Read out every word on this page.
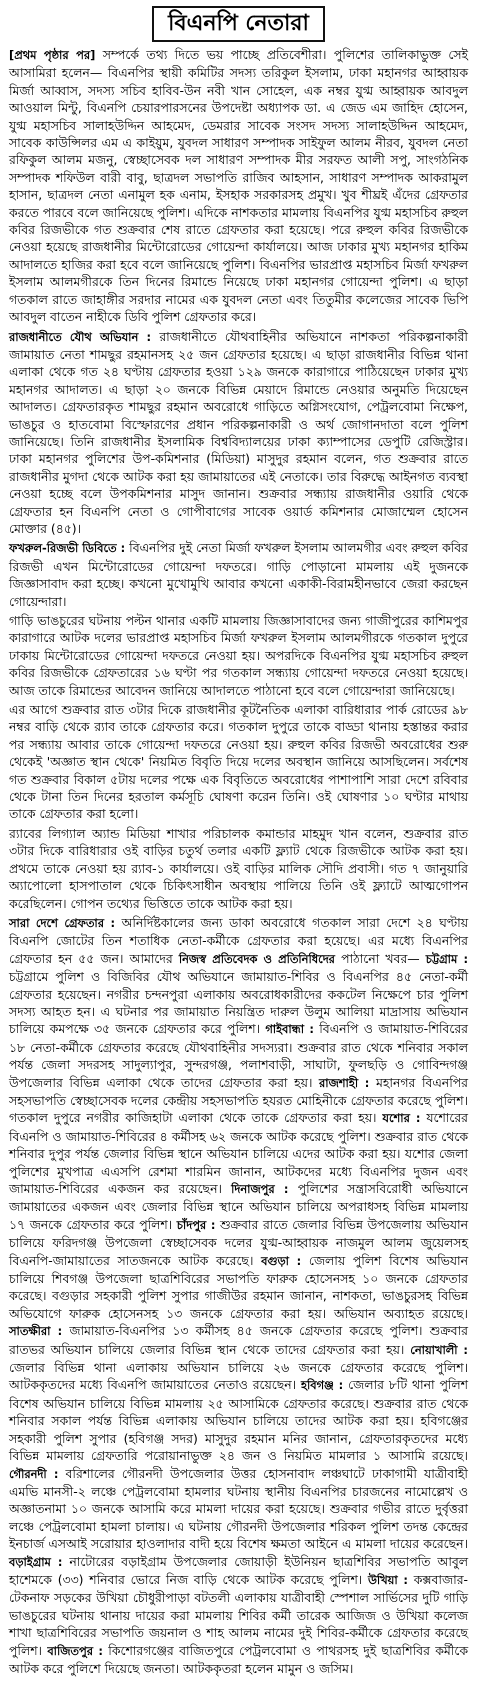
বিএনপি নেতারা

[প্রথম পৃষ্ঠার পর] সম্পর্কে তথ্য দিতে ভয় পাচ্ছে প্রতিবেশীরা। পুলিশের তালিকাভুক্ত সেই আসামিরা হলেন— বিএনপির স্থায়ী কমিটির সদস্য তরিকুল ইসলাম, ঢাকা মহানগর আহ্বায়ক মির্জা আব্বাস, সদস্য সচিব হাবিব-উন নবী খান সোহেল, এক নম্বর যুগ্ম আহ্বায়ক আবদুল আওয়াল মিন্টু, বিএনপি চেয়ারপারসনের উপদেষ্টা অধ্যাপক ডা. এ জেড এম জাহিদ হোসেন, যুগ্ম মহাসচিব সালাহউদ্দিন আহমেদ, ডেমরার সাবেক সংসদ সদস্য সালাহউদ্দিন আহমেদ, সাবেক কাউন্সিলর এম এ কাইয়ুম, যুবদল সাধারণ সম্পাদক সাইফুল আলম নীরব, যুবদল নেতা রফিকুল আলম মজনু, স্বেচ্ছাসেবক দল সাধারণ সম্পাদক মীর সরফত আলী সপু, সাংগঠনিক সম্পাদক শফিউল বারী বাবু, ছাত্রদল সভাপতি রাজিব আহসান, সাধারণ সম্পাদক আকরামুল হাসান, ছাত্রদল নেতা এনামুল হক এনাম, ইসহাক সরকারসহ প্রমুখ। খুব শীঘ্রই এঁদের গ্রেফতার করতে পারবে বলে জানিয়েছে পুলিশ। এদিকে নাশকতার মামলায় বিএনপির যুগ্ম মহাসচিব রুহুল কবির রিজভীকে গত শুক্রবার শেষ রাতে গ্রেফতার করা হয়েছে। পরে রুহুল কবির রিজভীকে নেওয়া হয়েছে রাজধানীর মিন্টোরোডের গোয়েন্দা কার্যালয়ে। আজ ঢাকার মুখ্য মহানগর হাকিম আদালতে হাজির করা হবে বলে জানিয়েছে পুলিশ। বিএনপির ভারপ্রাপ্ত মহাসচিব মির্জা ফখরুল ইসলাম আলমগীরকে তিন দিনের রিমান্ডে নিয়েছে ঢাকা মহানগর গোয়েন্দা পুলিশ। এ ছাড়া গতকাল রাতে জাহাঙ্গীর সরদার নামের এক যুবদল নেতা এবং তিতুমীর কলেজের সাবেক ভিপি আবদুল বাতেন নাহীকে ডিবি পুলিশ গ্রেফতার করে।

রাজধানীতে যৌথ অভিযান : রাজধানীতে যৌথবাহিনীর অভিযানে নাশকতা পরিকল্পনাকারী জামায়াত নেতা শামছুর রহমানসহ ২৫ জন গ্রেফতার হয়েছে। এ ছাড়া রাজধানীর বিভিন্ন থানা এলাকা থেকে গত ২৪ ঘণ্টায় গ্রেফতার হওয়া ১২৯ জনকে কারাগারে পাঠিয়েছেন ঢাকার মুখ্য মহানগর আদালত। এ ছাড়া ২০ জনকে বিভিন্ন মেয়াদে রিমান্ডে নেওয়ার অনুমতি দিয়েছেন আদালত। গ্রেফতারকৃত শামছুর রহমান অবরোধে গাড়িতে অগ্নিসংযোগ, পেট্রলবোমা নিক্ষেপ, ভাঙচুর ও হাতবোমা বিস্ফোরণের প্রধান পরিকল্পনাকারী ও অর্থ জোগানদাতা বলে পুলিশ জানিয়েছে। তিনি রাজধানীর ইসলামিক বিশ্ববিদ্যালয়ের ঢাকা ক্যাম্পাসের ডেপুটি রেজিস্ট্রার। ঢাকা মহানগর পুলিশের উপ-কমিশনার (মিডিয়া) মাসুদুর রহমান বলেন, গত শুক্রবার রাতে রাজধানীর মুগদা থেকে আটক করা হয় জামায়াতের এই নেতাকে। তার বিরুদ্ধে আইনগত ব্যবস্থা নেওয়া হচ্ছে বলে উপকমিশনার মাসুদ জানান। শুক্রবার সন্ধ্যায় রাজধানীর ওয়ারি থেকে গ্রেফতার হন বিএনপি নেতা ও গোপীবাগের সাবেক ওয়ার্ড কমিশনার মোজাম্মেল হোসেন মোক্তার (৪৫)।

ফখরুল-রিজভী ডিবিতে : বিএনপির দুই নেতা মির্জা ফখরুল ইসলাম আলমগীর এবং রুহুল কবির রিজভী এখন মিন্টোরোডের গোয়েন্দা দফতরে। গাড়ি পোড়ানো মামলায় এই দুজনকে জিজ্ঞাসাবাদ করা হচ্ছে। কখনো মুখোমুখি আবার কখনো একাকী-বিরামহীনভাবে জেরা করছেন গোয়েন্দারা।

গাড়ি ভাঙচুরের ঘটনায় পল্টন থানার একটি মামলায় জিজ্ঞাসাবাদের জন্য গাজীপুরের কাশিমপুর কারাগারে আটক দলের ভারপ্রাপ্ত মহাসচিব মির্জা ফখরুল ইসলাম আলমগীরকে গতকাল দুপুরে ঢাকায় মিন্টোরোডের গোয়েন্দা দফতরে নেওয়া হয়। অপরদিকে বিএনপির যুগ্ম মহাসচিব রুহুল কবির রিজভীকে গ্রেফতারের ১৬ ঘণ্টা পর গতকাল সন্ধ্যায় গোয়েন্দা দফতরে নেওয়া হয়েছে। আজ তাকে রিমান্ডের আবেদন জানিয়ে আদালতে পাঠানো হবে বলে গোয়েন্দারা জানিয়েছে।

এর আগে শুক্রবার রাত ৩টার দিকে রাজধানীর কূটনৈতিক এলাকা বারিধারার পার্ক রোডের ৯৮ নম্বর বাড়ি থেকে র‍্যাব তাকে গ্রেফতার করে। গতকাল দুপুরে তাকে বাড্ডা থানায় হস্তান্তর করার পর সন্ধ্যায় আবার তাকে গোয়েন্দা দফতরে নেওয়া হয়। রুহুল কবির রিজভী অবরোধের শুরু থেকেই 'অজ্ঞাত স্থান থেকে' নিয়মিত বিবৃতি দিয়ে দলের অবস্থান জানিয়ে আসছিলেন। সর্বশেষ গত শুক্রবার বিকাল ৫টায় দলের পক্ষে এক বিবৃতিতে অবরোধের পাশাপাশি সারা দেশে রবিবার থেকে টানা তিন দিনের হরতাল কর্মসূচি ঘোষণা করেন তিনি। ওই ঘোষণার ১০ ঘণ্টার মাথায় তাকে গ্রেফতার করা হলো।

র‍্যাবের লিগ্যাল অ্যান্ড মিডিয়া শাখার পরিচালক কমান্ডার মাহমুদ খান বলেন, শুক্রবার রাত ৩টার দিকে বারিধারার ওই বাড়ির চতুর্থ তলার একটি ফ্ল্যাট থেকে রিজভীকে আটক করা হয়। প্রথমে তাকে নেওয়া হয় র‍্যাব-১ কার্যালয়ে। ওই বাড়ির মালিক সৌদি প্রবাসী। গত ৭ জানুয়ারি অ্যাপোলো হাসপাতাল থেকে চিকিৎসাধীন অবস্থায় পালিয়ে তিনি ওই ফ্ল্যাটে আত্মগোপন করেছিলেন। গোপন তথ্যের ভিত্তিতে তাকে আটক করা হয়।

সারা দেশে গ্রেফতার : অনির্দিষ্টকালের জন্য ডাকা অবরোধে গতকাল সারা দেশে ২৪ ঘণ্টায় বিএনপি জোটের তিন শতাধিক নেতা-কর্মীকে গ্রেফতার করা হয়েছে। এর মধ্যে বিএনপির গ্রেফতার হন ৫৫ জন। আমাদের নিজস্ব প্রতিবেদক ও প্রতিনিধিদের পাঠানো খবর— চট্টগ্রাম : চট্টগ্রামে পুলিশ ও বিজিবির যৌথ অভিযানে জামায়াত-শিবির ও বিএনপির ৪৫ নেতা-কর্মী গ্রেফতার হয়েছেন। নগরীর চন্দনপুরা এলাকায় অবরোধকারীদের ককটেল নিক্ষেপে চার পুলিশ সদস্য আহত হন। এ ঘটনার পর জামায়াত নিয়ন্ত্রিত দারুল উলুম আলিয়া মাদ্রাসায় অভিযান চালিয়ে কমপক্ষে ৩৫ জনকে গ্রেফতার করে পুলিশ। গাইবান্ধা : বিএনপি ও জামায়াত-শিবিরের ১৮ নেতা-কর্মীকে গ্রেফতার করেছে যৌথবাহিনীর সদস্যরা। শুক্রবার রাত থেকে শনিবার সকাল পর্যন্ত জেলা সদরসহ সাদুল্যাপুর, সুন্দরগঞ্জ, পলাশবাড়ী, সাঘাটা, ফুলছড়ি ও গোবিন্দগঞ্জ উপজেলার বিভিন্ন এলাকা থেকে তাদের গ্রেফতার করা হয়। রাজশাহী : মহানগর বিএনপির সহসভাপতি স্বেচ্ছাসেবক দলের কেন্দ্রীয় সহসভাপতি হযরত মোহিনীকে গ্রেফতার করেছে পুলিশ। গতকাল দুপুরে নগরীর কাজিহাটা এলাকা থেকে তাকে গ্রেফতার করা হয়। যশোর : যশোরের বিএনপি ও জামায়াত-শিবিরের ৪ কর্মীসহ ৬২ জনকে আটক করেছে পুলিশ। শুক্রবার রাত থেকে শনিবার দুপুর পর্যন্ত জেলার বিভিন্ন স্থানে অভিযান চালিয়ে এদের আটক করা হয়। যশোর জেলা পুলিশের মুখপাত্র এএসপি রেশমা শারমিন জানান, আটকদের মধ্যে বিএনপির দুজন এবং জামায়াত-শিবিরের একজন কর রয়েছেন। দিনাজপুর : পুলিশের সন্ত্রাসবিরোধী অভিযানে জামায়াতের একজন এবং জেলার বিভিন্ন স্থানে অভিযান চালিয়ে অপরাধসহ বিভিন্ন মামলায় ১৭ জনকে গ্রেফতার করে পুলিশ। চাঁদপুর : শুক্রবার রাতে জেলার বিভিন্ন উপজেলায় অভিযান চালিয়ে ফরিদগঞ্জ উপজেলা স্বেচ্ছাসেবক দলের যুগ্ম-আহ্বায়ক নাজমুল আলম জুয়েলসহ বিএনপি-জামায়াতের সাতজনকে আটক করেছে। বগুড়া : জেলায় পুলিশ বিশেষ অভিযান চালিয়ে শিবগঞ্জ উপজেলা ছাত্রশিবিরের সভাপতি ফারুক হোসেনসহ ১০ জনকে গ্রেফতার করেছে। বগুড়ার সহকারী পুলিশ সুপার গাজীউর রহমান জানান, নাশকতা, ভাঙচুরসহ বিভিন্ন অভিযোগে ফারুক হোসেনসহ ১৩ জনকে গ্রেফতার করা হয়। অভিযান অব্যাহত রয়েছে। সাতক্ষীরা : জামায়াত-বিএনপির ১৩ কর্মীসহ ৪৫ জনকে গ্রেফতার করেছে পুলিশ। শুক্রবার রাতভর অভিযান চালিয়ে জেলার বিভিন্ন স্থান থেকে তাদের গ্রেফতার করা হয়। নোয়াখালী : জেলার বিভিন্ন থানা এলাকায় অভিযান চালিয়ে ২৬ জনকে গ্রেফতার করেছে পুলিশ। আটককৃতদের মধ্যে বিএনপি জামায়াতের নেতাও রয়েছেন। হবিগঞ্জ : জেলার ৮টি থানা পুলিশ বিশেষ অভিযান চালিয়ে বিভিন্ন মামলায় ২৫ আসামিকে গ্রেফতার করেছে। শুক্রবার রাত থেকে শনিবার সকাল পর্যন্ত বিভিন্ন এলাকায় অভিযান চালিয়ে তাদের আটক করা হয়। হবিগঞ্জের সহকারী পুলিশ সুপার (হবিগঞ্জ সদর) মাসুদুর রহমান মনির জানান, গ্রেফতারকৃতদের মধ্যে বিভিন্ন মামলায় গ্রেফতারি পরোয়ানাভুক্ত ২৪ জন ও নিয়মিত মামলার ১ আসামি রয়েছে। গৌরনদী : বরিশালের গৌরনদী উপজেলার উত্তর হোসনাবাদ লঞ্চঘাটে ঢাকাগামী যাত্রীবাহী এমভি মানসী-২ লঞ্চে পেট্রলবোমা হামলার ঘটনায় স্থানীয় বিএনপির চারজনের নামোল্লেখ ও অজ্ঞাতনামা ১০ জনকে আসামি করে মামলা দায়ের করা হয়েছে। শুক্রবার গভীর রাতে দুর্বৃত্তরা লঞ্চে পেট্রলবোমা হামলা চালায়। এ ঘটনায় গৌরনদী উপজেলার শরিকল পুলিশ তদন্ত কেন্দ্রের ইনচার্জ এসআই সরোয়ার হাওলাদার বাদী হয়ে বিশেষ ক্ষমতা আইনে এ মামলা দায়ের করেছেন। বড়াইগ্রাম : নাটোরের বড়াইগ্রাম উপজেলার জোয়াড়ী ইউনিয়ন ছাত্রশিবির সভাপতি আবুল হাশেমকে (৩৩) শনিবার ভোরে নিজ বাড়ি থেকে আটক করেছে পুলিশ। উখিয়া : কক্সবাজার-টেকনাফ সড়কের উখিয়া চৌধুরীপাড়া বটতলী এলাকায় যাত্রীবাহী স্পেশাল সার্ভিসের দুটি গাড়ি ভাঙচুরের ঘটনায় থানায় দায়ের করা মামলায় শিবির কর্মী তারেক আজিজ ও উখিয়া কলেজ শাখা ছাত্রশিবিরের সভাপতি জয়নাল ও শাহ আলম নামের দুই শিবির-কর্মীকে গ্রেফতার করেছে পুলিশ। বাজিতপুর : কিশোরগঞ্জের বাজিতপুরে পেট্রলবোমা ও পাথরসহ দুই ছাত্রশিবির কর্মীকে আটক করে পুলিশে দিয়েছে জনতা। আটককৃতরা হলেন মামুন ও জসিম।
